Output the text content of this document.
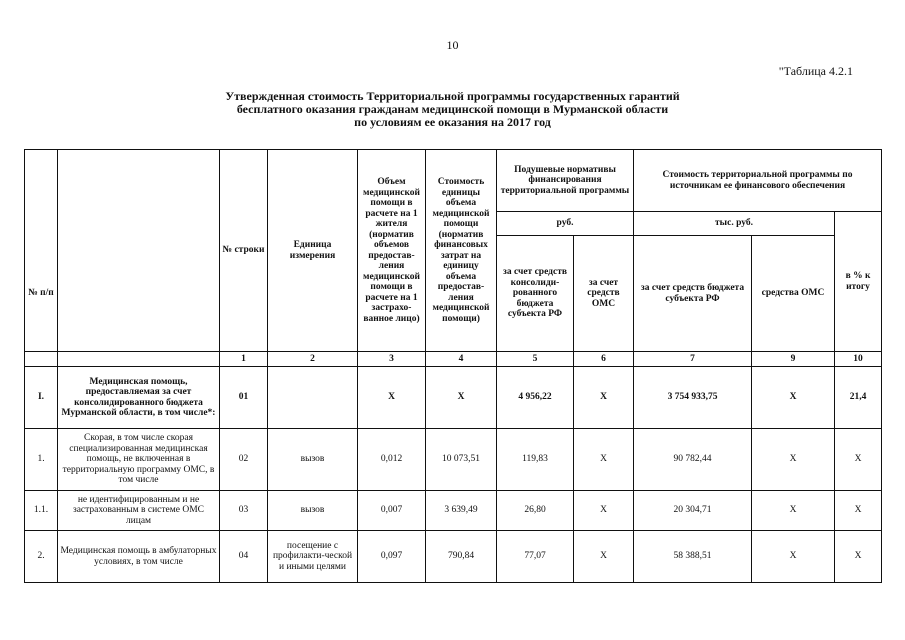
10
"Таблица 4.2.1
Утвержденная стоимость Территориальной программы государственных гарантий
бесплатного оказания гражданам медицинской помощи в Мурманской области
по условиям ее оказания на 2017 год
№ п/п		№ строки	Единица измерения	Объем медицинской помощи в расчете на 1 жителя (норматив объемов предостав-ления медицинской помощи в расчете на 1 застрахо-ванное лицо)	Стоимость единицы объема медицинской помощи (норматив финансовых затрат на единицу объема предостав-ления медицинской помощи)	Подушевые нормативы финансирования территориальной программы		Стоимость территориальной программы по источникам ее финансового обеспечения		
						руб.		тыс. руб.		в % к итогу
						за счет средств консолиди-рованного бюджета субъекта РФ	за счет средств ОМС	за счет средств бюджета субъекта РФ	средства ОМС	
		1	2	3	4	5	6	7	9	10
I.	Медицинская помощь, предоставляемая за счет консолидированного бюджета Мурманской области, в том числе*:	01		X	X	4 956,22	X	3 754 933,75	X	21,4
1.	Скорая, в том числе скорая специализированная медицинская помощь, не включенная в территориальную программу ОМС, в том числе	02	вызов	0,012	10 073,51	119,83	X	90 782,44	X	X
1.1.	не идентифицированным и не застрахованным в системе ОМС лицам	03	вызов	0,007	3 639,49	26,80	X	20 304,71	X	X
2.	Медицинская помощь в амбулаторных условиях, в том числе	04	посещение с профилакти-ческой и иными целями	0,097	790,84	77,07	X	58 388,51	X	X
